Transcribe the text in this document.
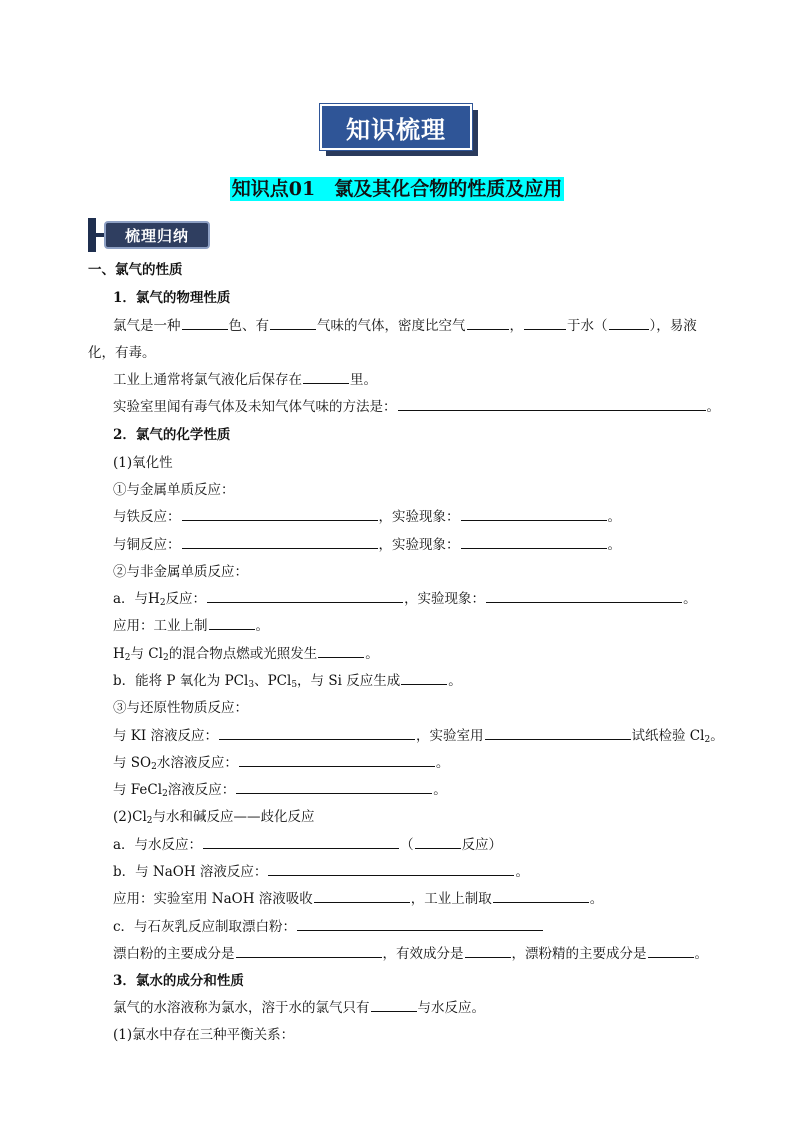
知识梳理
知识点01　氯及其化合物的性质及应用
梳理归纳
一、氯气的性质
1．氯气的物理性质
氯气是一种	色、有	气味的气体，密度比空气	，	于水（	），易液
化，有毒。
工业上通常将氯气液化后保存在	里。
实验室里闻有毒气体及未知气体气味的方法是：	。
2．氯气的化学性质
(1)氧化性
①与金属单质反应：
与铁反应：	，实验现象：	。
与铜反应：	，实验现象：	。
②与非金属单质反应：
a．与$H_2$反应：	，实验现象：	。
应用：工业上制	。
$H_2$与 $Cl_2$的混合物点燃或光照发生	。
b．能将 P 氧化为 PCl$_3$、PCl$_5$，与 Si 反应生成	。
③与还原性物质反应：
与 KI 溶液反应：	，实验室用	试纸检验 $Cl_2$。
与 $SO_2$水溶液反应：	。
与 FeCl$_2$溶液反应：	。
$(2)Cl_2$与水和碱反应——歧化反应
a．与水反应：	（	反应）
b．与 NaOH 溶液反应：	。
应用：实验室用 NaOH 溶液吸收	，工业上制取	。
c．与石灰乳反应制取漂白粉：
漂白粉的主要成分是	，有效成分是	，漂粉精的主要成分是	。
3．氯水的成分和性质
氯气的水溶液称为氯水，溶于水的氯气只有	与水反应。
(1)氯水中存在三种平衡关系：
